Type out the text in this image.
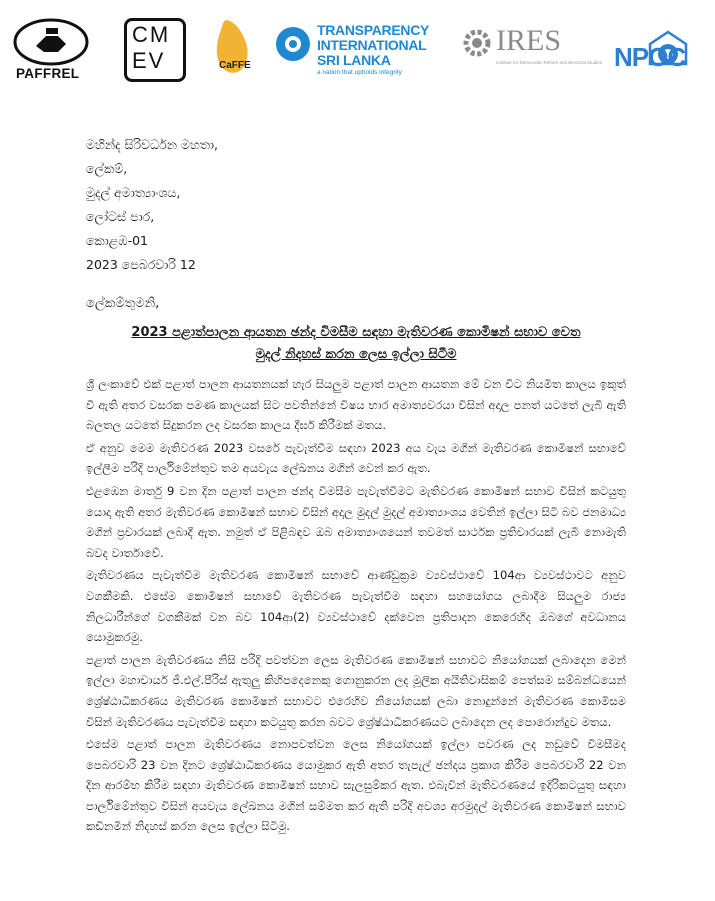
PAFFREL
CM
EV	CaFFE
TRANSPARENCY
INTERNATIONAL
SRI LANKA
a nation that upholds integrity
IRES
Institute for Democratic Reform and Electoral Studies NPOC
මහින්ද සිරිවර්ධන මහතා,
ලේකම්,
මුදල් අමාත්‍යාංශය,
ලෝටස් පාර,
කොළඹ-01
2023 පෙබරවාරි 12
ලේකම්තුමනි,
2023 පළාත්පාලන ආයතන ඡන්ද විමසීම සඳහා මැතිවරණ කොමිෂන් සභාව වෙත
මුදල් නිදහස් කරන ලෙස ඉල්ලා සිටීම

ශ්‍රී ලංකාවේ එක් පළාත් පාලන ආයතනයක් හැර සියලුම පළාත් පාලන ආයතන මේ වන විට නියමිත කාලය ඉකුත් වී ඇති අතර වසරක පමණ කාලයක් සිට පවතින්නේ විෂය භාර අමාත්‍යවරයා විසින් අදාල පනත් යටතේ ලැබී ඇති බලතල යටතේ සිදුකරන ලද වසරක කාලය දීර්ඝ කිරීමක් මතය.

ඒ අනුව මෙම මැතිවරණ 2023 වසරේ පැවැත්වීම සඳහා 2023 අය වැය මගින් මැතිවරණ කොමිෂන් සභාවේ ඉල්ලීම පරිදි පාර්ලිමේන්තුව තම අයවැය ලේඛනය මගින් වෙන් කර ඇත.

එළඹෙන මාර්තු 9 වන දින පළාත් පාලන ඡන්ද විමසීම පැවැත්වීමට මැතිවරණ කොමිෂන් සභාව විසින් කටයුතු යොදා ඇති අතර මැතිවරණ කොමිෂන් සභාව විසින් අදාල මුදල් මුදල් අමාත්‍යාංශය වෙතින් ඉල්ලා සිටි බව ජනමාධ්‍ය මගින් ප්‍රචාරයක් ලබාදී ඇත. නමුත් ඒ පිළිබඳව ඔබ අමාත්‍යාංශයෙන් තවමත් සාර්ථක ප්‍රතිචාරයක් ලැබී නොමැති බවද වාර්තාවේ.

මැතිවරණය පැවැත්වීම මැතිවරණ කොමිෂන් සභාවේ ආණ්ඩුක්‍රම ව්‍යවස්ථාවේ 104ආ ව්‍යවස්ථාවට අනුව වගකීමකි. එසේම කොමිෂන් සභාවේ මැතිවරණ පැවැත්වීම සඳහා සහයෝගය ලබාදීම සියලුම රාජ්‍ය නිලධාරීන්ගේ වගකීමක් වන බව 104ආ(2) ව්‍යවස්ථාවේ දක්වෙන ප්‍රතිපාදන කෙරෙහිද ඔබගේ අවධානය යොමුකරමු.

පළාත් පාලන මැතිවරණය නිසි පරිදි පවත්වන ලෙස මැතිවරණ කොමිෂන් සභාවට නියෝගයක් ලබාදෙන මෙන් ඉල්ලා මහාචාර්ය ජී.එල්.පීරිස් ඇතුලු කිහිපදෙනෙකු ගොනුකරන ලද මූලික අයිතිවාසිකම් පෙත්සම සම්බන්ධයෙන් ශ්‍රේෂ්ඨාධිකරණය මැතිවරණ කොමිෂන් සභාවට එරෙහිව නියෝගයක් ලබා නොදුන්නේ මැතිවරණ කොමිසම විසින් මැතිවරණය පැවැත්වීම සඳහා කටයුතු කරන බවට ශ්‍රේෂ්ඨාධිකරණයට ලබාදෙන ලද පොරොන්දුව මතය.

එසේම පළාත් පාලන මැතිවරණය නොපවත්වන ලෙස නියෝගයක් ඉල්ලා පවරණ ලද නඩුවේ විමසීමද පෙබරවාරි 23 වන දිනට ශ්‍රේෂ්ඨාධිකරණය යොමුකර ඇති අතර තැපැල් ඡන්දය ප්‍රකාශ කිරීම පෙබරවාරි 22 වන දින ආරම්භ කිරීම සඳහා මැතිවරණ කොමිෂන් සභාව සැලසුම්කර ඇත. එබැවින් මැතිවරණයේ ඉදිරිකටයුතු සඳහා පාර්ලිමේන්තුව විසින් අයවැය ලේඛනය මගින් සම්මත කර ඇති පරිදි අවශ්‍ය අරමුදල් මැතිවරණ කොමිෂන් සභාව කඩිනමින් නිදහස් කරන ලෙස ඉල්ලා සිටිමු.
